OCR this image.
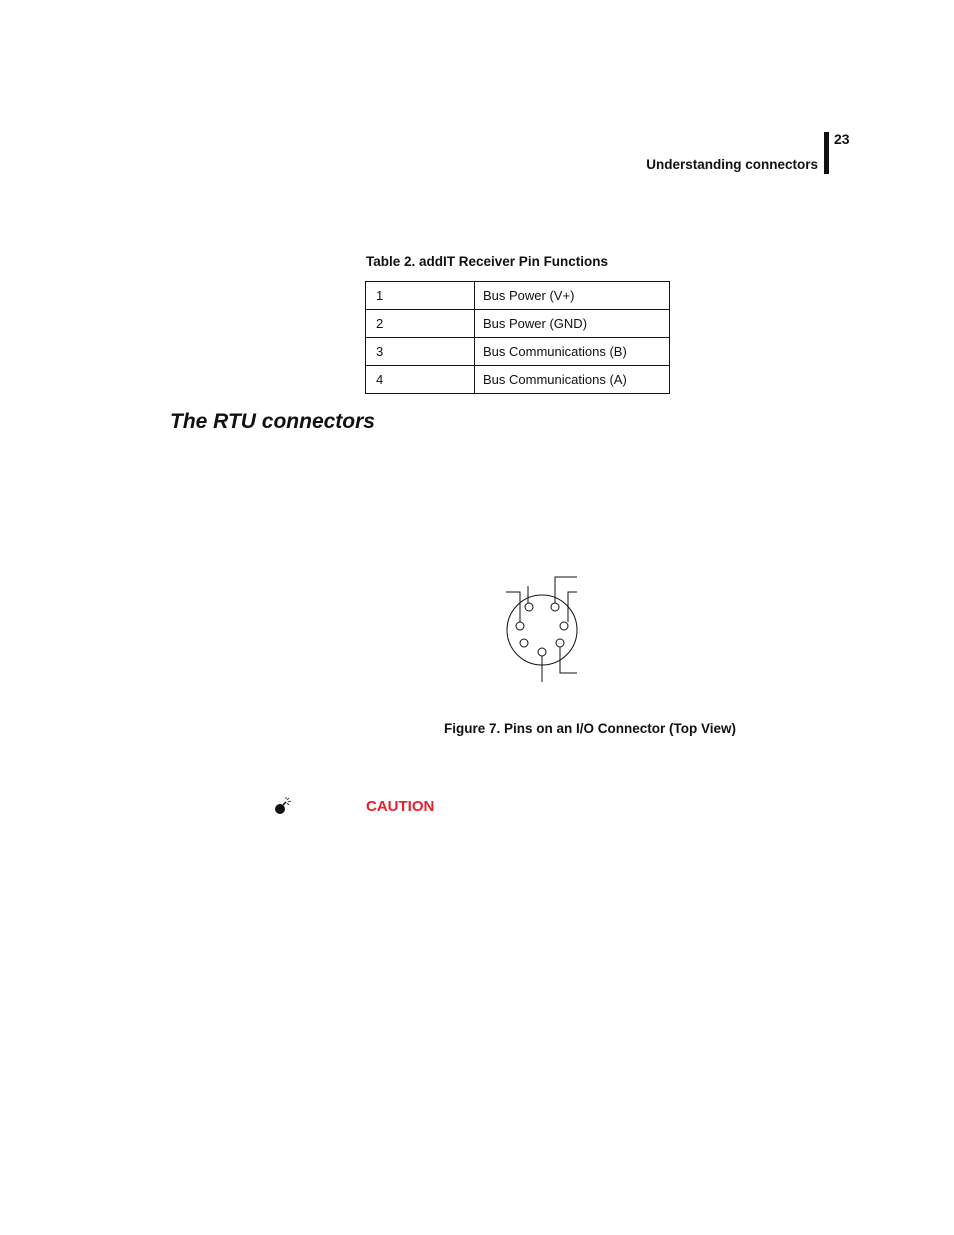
23
Understanding connectors
Table 2. addIT Receiver Pin Functions
1	Bus Power (V+)
2	Bus Power (GND)
3	Bus Communications (B)
4	Bus Communications (A)
The RTU connectors
Figure 7. Pins on an I/O Connector (Top View)
CAUTION
